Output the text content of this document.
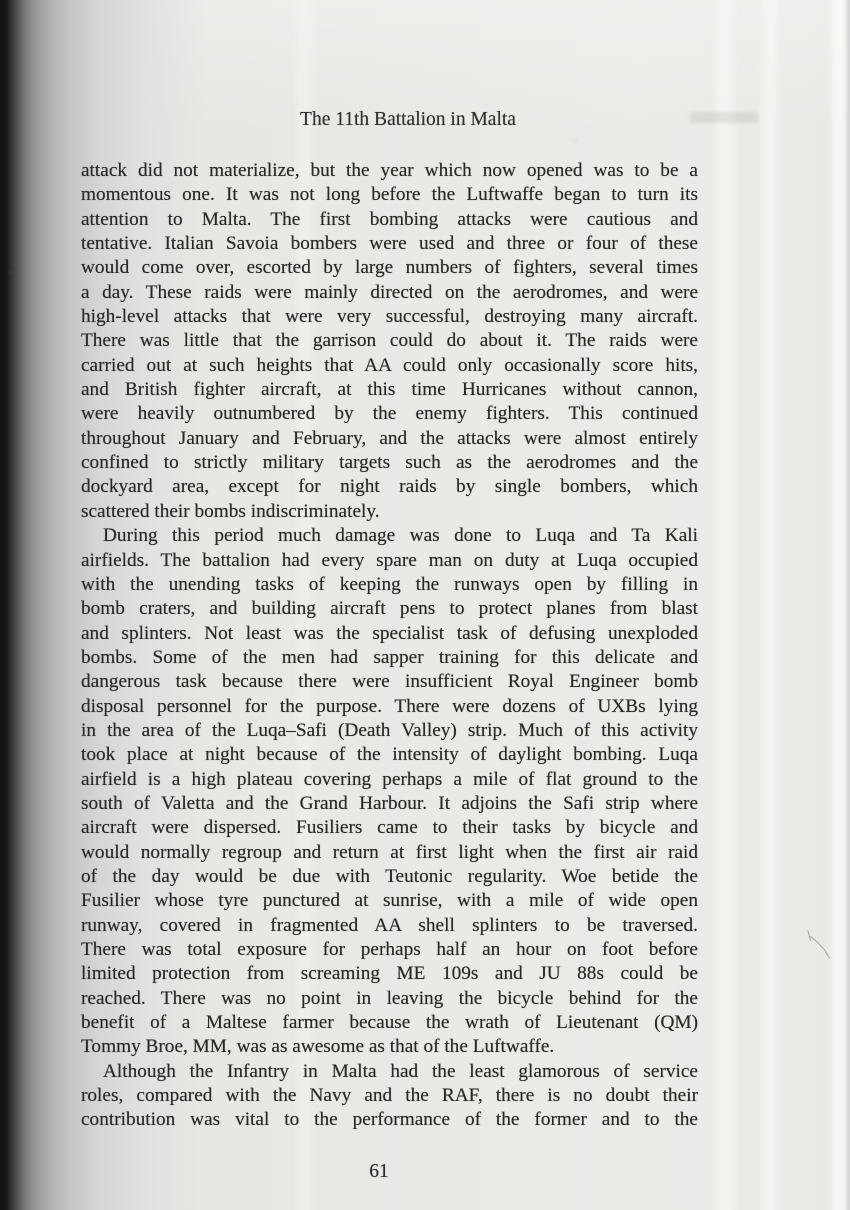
The 11th Battalion in Malta
attack did not materialize, but the year which now opened was to be a
momentous one. It was not long before the Luftwaffe began to turn its
attention to Malta. The first bombing attacks were cautious and
tentative. Italian Savoia bombers were used and three or four of these
would come over, escorted by large numbers of fighters, several times
a day. These raids were mainly directed on the aerodromes, and were
high-level attacks that were very successful, destroying many aircraft.
There was little that the garrison could do about it. The raids were
carried out at such heights that AA could only occasionally score hits,
and British fighter aircraft, at this time Hurricanes without cannon,
were heavily outnumbered by the enemy fighters. This continued
throughout January and February, and the attacks were almost entirely
confined to strictly military targets such as the aerodromes and the
dockyard area, except for night raids by single bombers, which
scattered their bombs indiscriminately.
During this period much damage was done to Luqa and Ta Kali
airfields. The battalion had every spare man on duty at Luqa occupied
with the unending tasks of keeping the runways open by filling in
bomb craters, and building aircraft pens to protect planes from blast
and splinters. Not least was the specialist task of defusing unexploded
bombs. Some of the men had sapper training for this delicate and
dangerous task because there were insufficient Royal Engineer bomb
disposal personnel for the purpose. There were dozens of UXBs lying
in the area of the Luqa–Safi (Death Valley) strip. Much of this activity
took place at night because of the intensity of daylight bombing. Luqa
airfield is a high plateau covering perhaps a mile of flat ground to the
south of Valetta and the Grand Harbour. It adjoins the Safi strip where
aircraft were dispersed. Fusiliers came to their tasks by bicycle and
would normally regroup and return at first light when the first air raid
of the day would be due with Teutonic regularity. Woe betide the
Fusilier whose tyre punctured at sunrise, with a mile of wide open
runway, covered in fragmented AA shell splinters to be traversed.
There was total exposure for perhaps half an hour on foot before
limited protection from screaming ME 109s and JU 88s could be
reached. There was no point in leaving the bicycle behind for the
benefit of a Maltese farmer because the wrath of Lieutenant (QM)
Tommy Broe, MM, was as awesome as that of the Luftwaffe.
Although the Infantry in Malta had the least glamorous of service
roles, compared with the Navy and the RAF, there is no doubt their
contribution was vital to the performance of the former and to the
61
